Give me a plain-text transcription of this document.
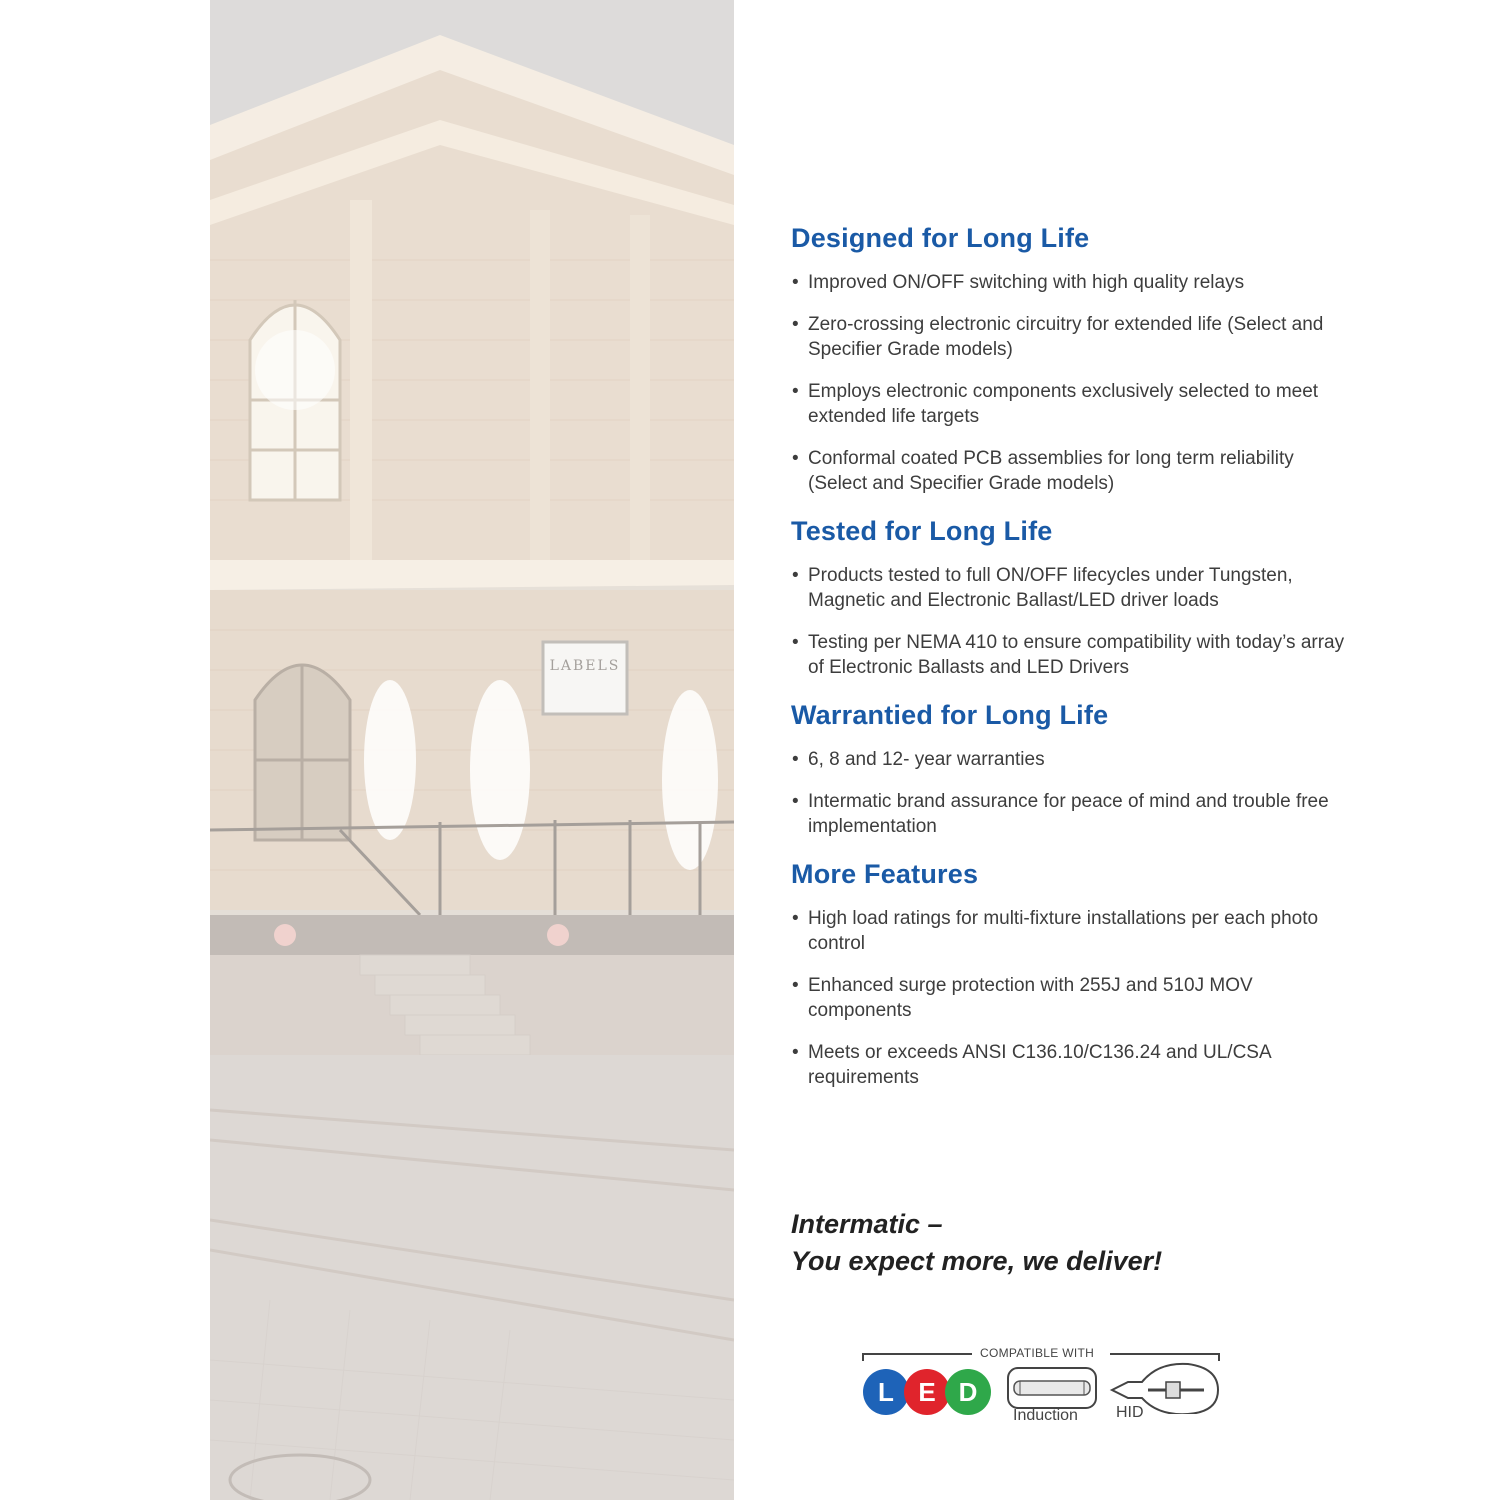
LABELS
Designed for Long Life
• Improved ON/OFF switching with high quality relays
• Zero-crossing electronic circuitry for extended life (Select and Specifier Grade models)
• Employs electronic components exclusively selected to meet extended life targets
• Conformal coated PCB assemblies for long term reliability (Select and Specifier Grade models)
Tested for Long Life
• Products tested to full ON/OFF lifecycles under Tungsten, Magnetic and Electronic Ballast/LED driver loads
• Testing per NEMA 410 to ensure compatibility with today’s array of Electronic Ballasts and LED Drivers
Warrantied for Long Life
• 6, 8 and 12- year warranties
• Intermatic brand assurance for peace of mind and trouble free implementation
More Features
• High load ratings for multi-fixture installations per each photo control
• Enhanced surge protection with 255J and 510J MOV components
• Meets or exceeds ANSI C136.10/C136.24 and UL/CSA requirements
Intermatic –
You expect more, we deliver!
COMPATIBLE WITH
L E D
Induction HID
